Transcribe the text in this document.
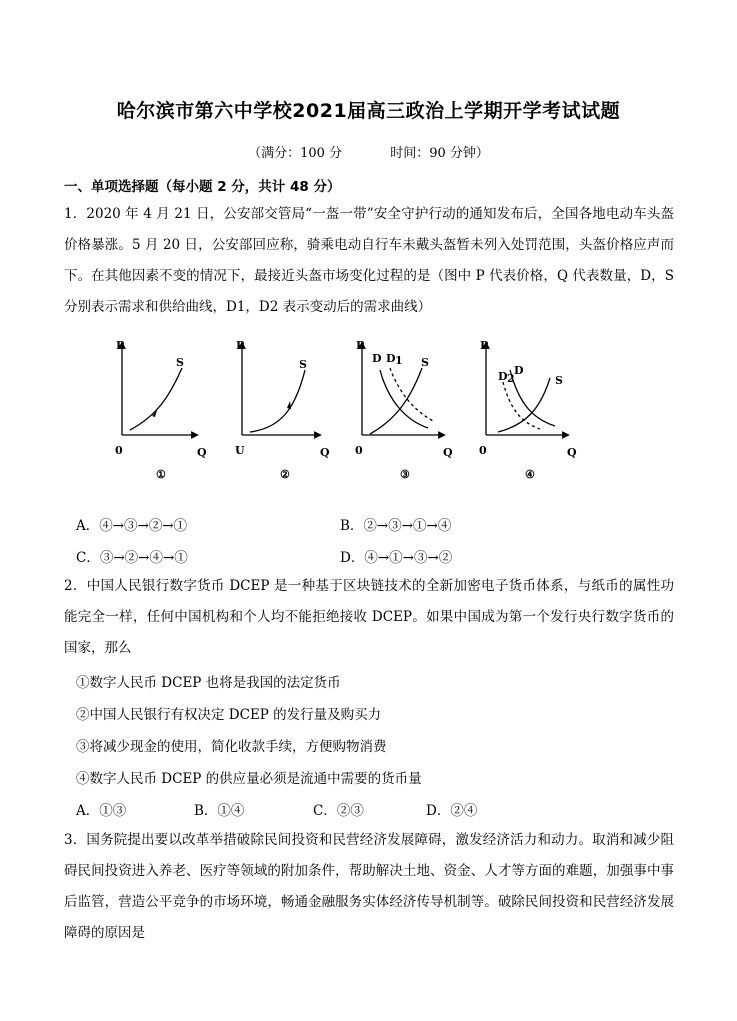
哈尔滨市第六中学校2021届高三政治上学期开学考试试题
（满分：100 分	时间：90 分钟）
一、单项选择题（每小题 2 分，共计 48 分）

1．2020 年 4 月 21 日，公安部交管局“一盔一带”安全守护行动的通知发布后，全国各地电动车头盔价格暴涨。5 月 20 日，公安部回应称，骑乘电动自行车未戴头盔暂未列入处罚范围，头盔价格应声而下。在其他因素不变的情况下，最接近头盔市场变化过程的是（图中 P 代表价格，Q 代表数量，D，S 分别表示需求和供给曲线，D1，D2 表示变动后的需求曲线）

P
Q
0
S
①
P
Q
U
S
②
P
Q
0
D D 1 S
③
P
Q
0
D 2
D
S
④
A．④→③→②→①	B．②→③→①→④
C．③→②→④→①	D．④→①→③→②

2．中国人民银行数字货币 DCEP 是一种基于区块链技术的全新加密电子货币体系，与纸币的属性功能完全一样，任何中国机构和个人均不能拒绝接收 DCEP。如果中国成为第一个发行央行数字货币的国家，那么

①数字人民币 DCEP 也将是我国的法定货币
②中国人民银行有权决定 DCEP 的发行量及购买力
③将减少现金的使用，简化收款手续，方便购物消费
④数字人民币 DCEP 的供应量必须是流通中需要的货币量
A．①③	B．①④	C．②③	D．②④

3．国务院提出要以改革举措破除民间投资和民营经济发展障碍，激发经济活力和动力。取消和减少阻碍民间投资进入养老、医疗等领域的附加条件，帮助解决土地、资金、人才等方面的难题，加强事中事后监管，营造公平竞争的市场环境，畅通金融服务实体经济传导机制等。破除民间投资和民营经济发展障碍的原因是
